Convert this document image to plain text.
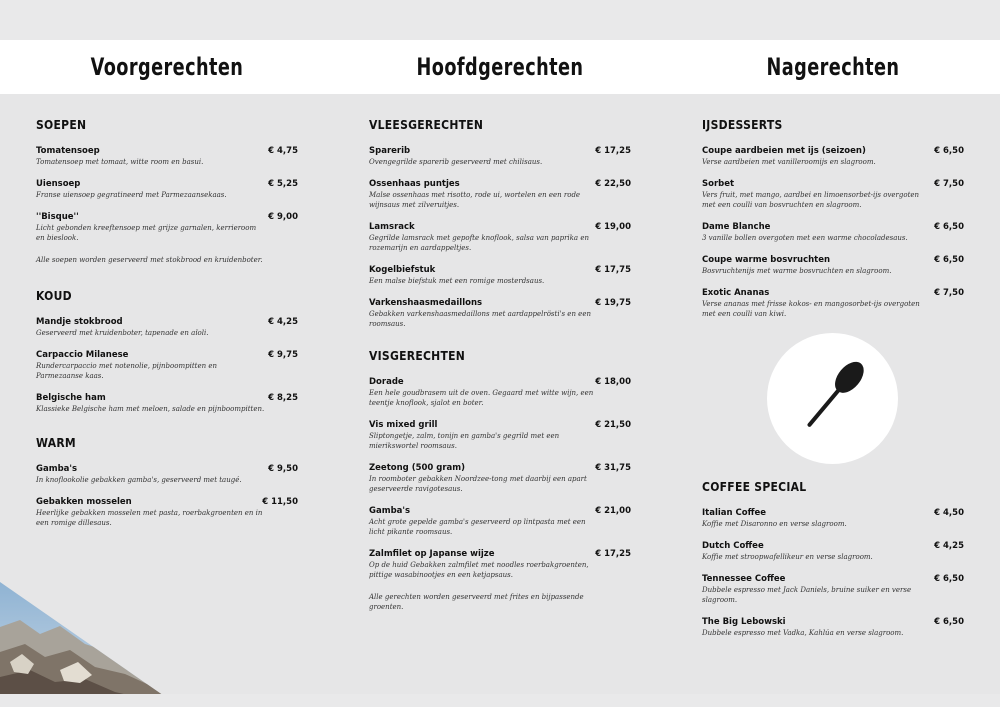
Voorgerechten	Hoofdgerechten	Nagerechten
SOEPEN
Tomatensoep	€ 4,75
Tomatensoep met tomaat, witte room en basui.
Uiensoep	€ 5,25
Franse uiensoep gegratineerd met Parmezaansekaas.
''Bisque''	€ 9,00
Licht gebonden kreeftensoep met grijze garnalen, kerrieroom en bieslook.
Alle soepen worden geserveerd met stokbrood en kruidenboter.
KOUD
Mandje stokbrood	€ 4,25
Geserveerd met kruidenboter, tapenade en aïoli.
Carpaccio Milanese	€ 9,75
Rundercarpaccio met notenolie, pijnboompitten en Parmezaanse kaas.
Belgische ham	€ 8,25
Klassieke Belgische ham met meloen, salade en pijnboompitten.
WARM
Gamba's	€ 9,50
In knoflookolie gebakken gamba's, geserveerd met taugé.
Gebakken mosselen	€ 11,50
Heerlijke gebakken mosselen met pasta, roerbakgroenten en in een romige dillesaus.
VLEESGERECHTEN
Sparerib	€ 17,25
Ovengegrilde sparerib geserveerd met chilisaus.
Ossenhaas puntjes	€ 22,50
Malse ossenhaas met risotto, rode ui, wortelen en een rode wijnsaus met zilveruitjes.
Lamsrack	€ 19,00
Gegrilde lamsrack met gepofte knoflook, salsa van paprika en rozemarijn en aardappeltjes.
Kogelbiefstuk	€ 17,75
Een malse biefstuk met een romige mosterdsaus.
Varkenshaasmedaillons	€ 19,75
Gebakken varkenshaasmedaillons met aardappelrösti's en een roomsaus.
VISGERECHTEN
Dorade	€ 18,00
Een hele goudbrasem uit de oven. Gegaard met witte wijn, een teentje knoflook, sjalot en boter.
Vis mixed grill	€ 21,50
Sliptongetje, zalm, tonijn en gamba's gegrild met een mierikswortel roomsaus.
Zeetong (500 gram)	€ 31,75
In roomboter gebakken Noordzee-tong met daarbij een apart geserveerde ravigotesaus.
Gamba's	€ 21,00
Acht grote gepelde gamba's geserveerd op lintpasta met een licht pikante roomsaus.
Zalmfilet op Japanse wijze	€ 17,25
Op de huid Gebakken zalmfilet met noodles roerbakgroenten, pittige wasabinootjes en een ketjapsaus.
Alle gerechten worden geserveerd met frites en bijpassende groenten.
IJSDESSERTS
Coupe aardbeien met ijs (seizoen)	€ 6,50
Verse aardbeien met vanilleroomijs en slagroom.
Sorbet	€ 7,50
Vers fruit, met mango, aardbei en limoensorbet-ijs overgoten met een coulli van bosvruchten en slagroom.
Dame Blanche	€ 6,50
3 vanille bollen overgoten met een warme chocoladesaus.
Coupe warme bosvruchten	€ 6,50
Bosvruchtenijs met warme bosvruchten en slagroom.
Exotic Ananas	€ 7,50
Verse ananas met frisse kokos- en mangosorbet-ijs overgoten met een coulli van kiwi.
COFFEE SPECIAL
Italian Coffee	€ 4,50
Koffie met Disaronno en verse slagroom.
Dutch Coffee	€ 4,25
Koffie met stroopwafellikeur en verse slagroom.
Tennessee Coffee	€ 6,50
Dubbele espresso met Jack Daniels, bruine suiker en verse slagroom.
The Big Lebowski	€ 6,50
Dubbele espresso met Vadka, Kahlúa en verse slagroom.
